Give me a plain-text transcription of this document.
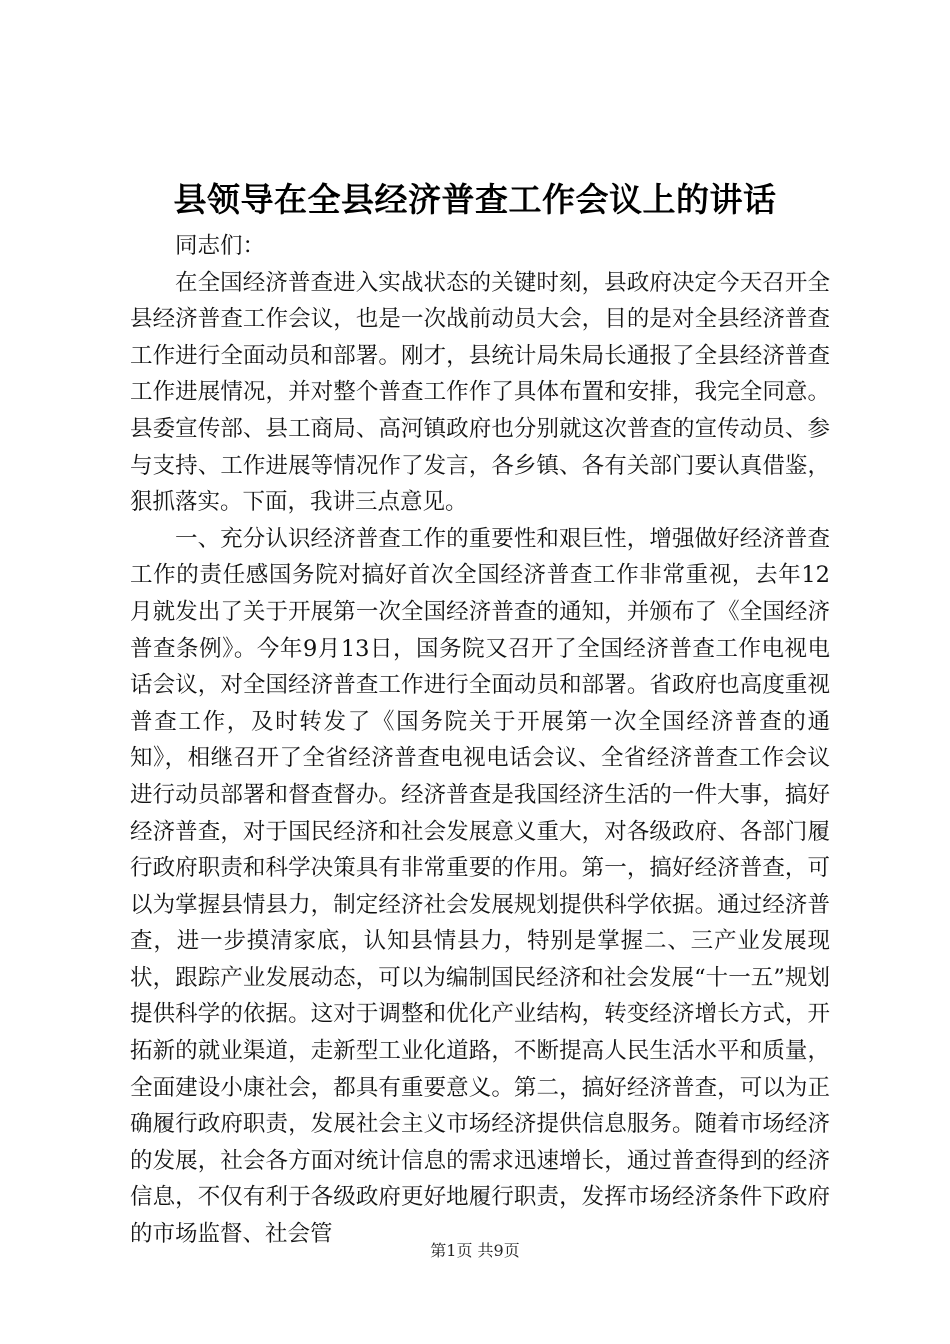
县领导在全县经济普查工作会议上的讲话

同志们：

在全国经济普查进入实战状态的关键时刻，县政府决定今天召开全县经济普查工作会议，也是一次战前动员大会，目的是对全县经济普查工作进行全面动员和部署。刚才，县统计局朱局长通报了全县经济普查工作进展情况，并对整个普查工作作了具体布置和安排，我完全同意。县委宣传部、县工商局、高河镇政府也分别就这次普查的宣传动员、参与支持、工作进展等情况作了发言，各乡镇、各有关部门要认真借鉴，狠抓落实。下面，我讲三点意见。

一、充分认识经济普查工作的重要性和艰巨性，增强做好经济普查工作的责任感国务院对搞好首次全国经济普查工作非常重视，去年12月就发出了关于开展第一次全国经济普查的通知，并颁布了《全国经济普查条例》。今年9月13日，国务院又召开了全国经济普查工作电视电话会议，对全国经济普查工作进行全面动员和部署。省政府也高度重视普查工作，及时转发了《国务院关于开展第一次全国经济普查的通知》，相继召开了全省经济普查电视电话会议、全省经济普查工作会议进行动员部署和督查督办。经济普查是我国经济生活的一件大事，搞好经济普查，对于国民经济和社会发展意义重大，对各级政府、各部门履行政府职责和科学决策具有非常重要的作用。第一，搞好经济普查，可以为掌握县情县力，制定经济社会发展规划提供科学依据。通过经济普查，进一步摸清家底，认知县情县力，特别是掌握二、三产业发展现状，跟踪产业发展动态，可以为编制国民经济和社会发展“十一五”规划提供科学的依据。这对于调整和优化产业结构，转变经济增长方式，开拓新的就业渠道，走新型工业化道路，不断提高人民生活水平和质量，全面建设小康社会，都具有重要意义。第二，搞好经济普查，可以为正确履行政府职责，发展社会主义市场经济提供信息服务。随着市场经济的发展，社会各方面对统计信息的需求迅速增长，通过普查得到的经济信息，不仅有利于各级政府更好地履行职责，发挥市场经济条件下政府的市场监督、社会管

第1页 共9页
